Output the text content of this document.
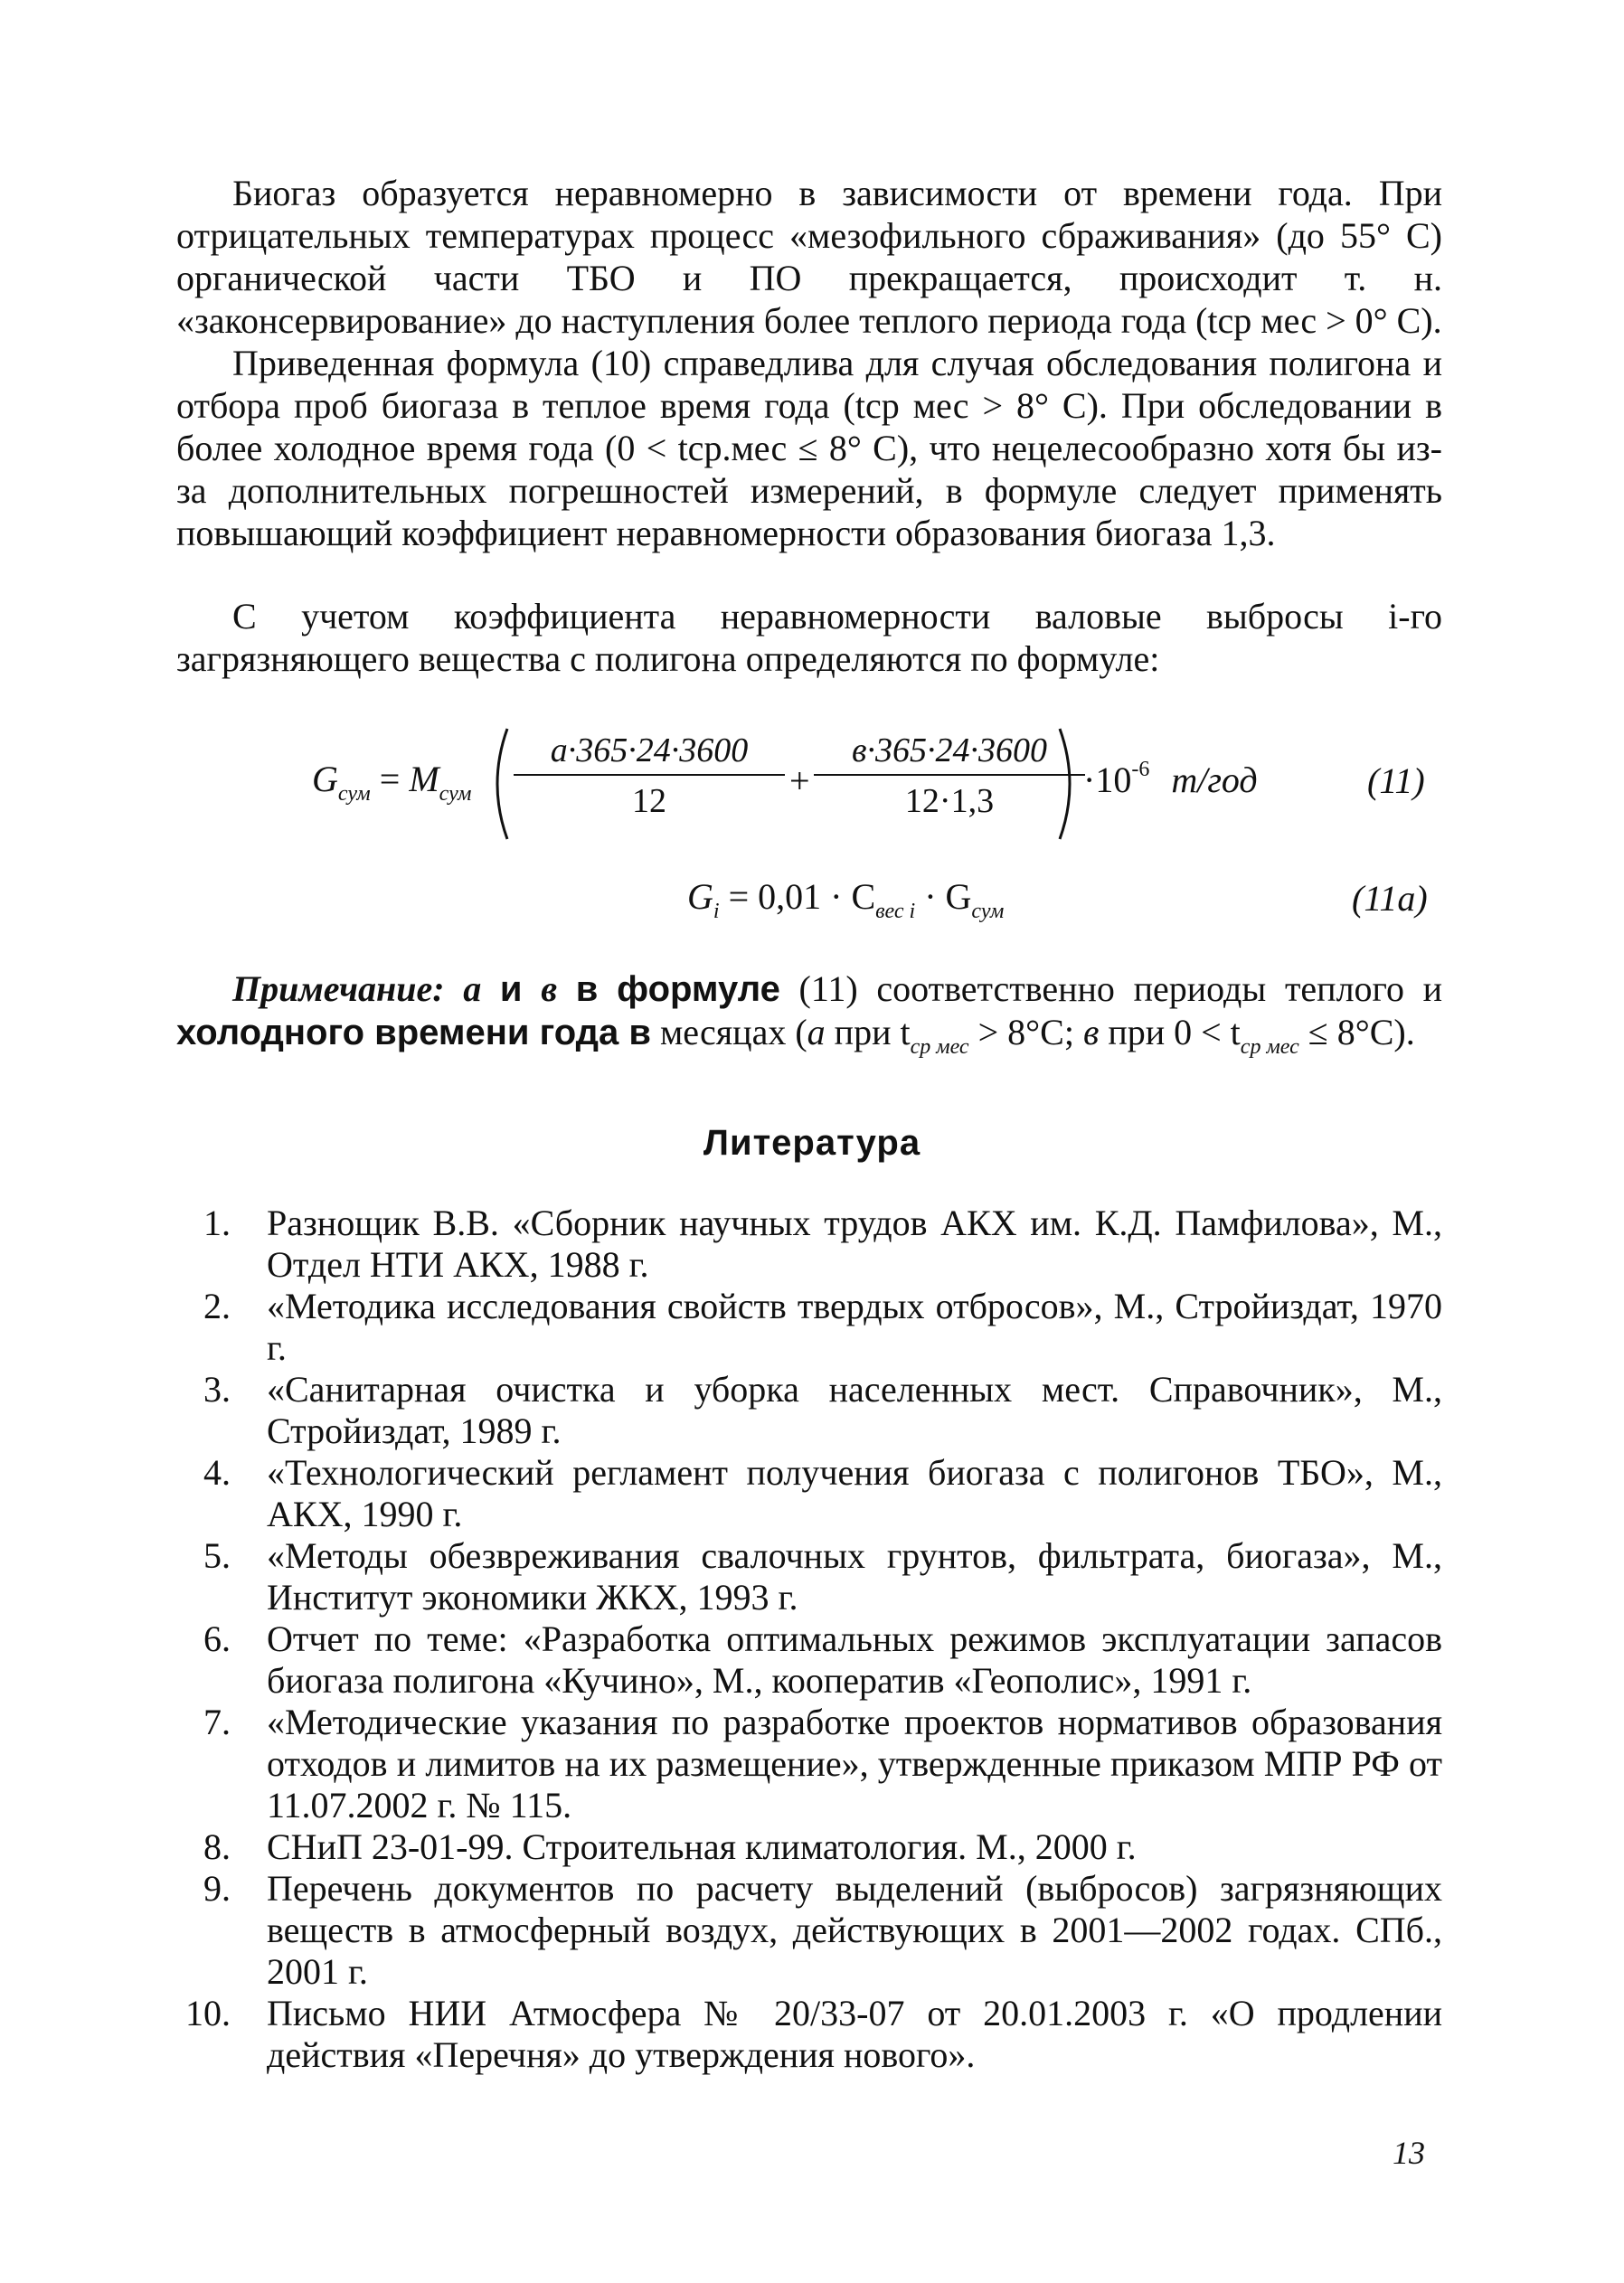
Биогаз образуется неравномерно в зависимости от времени года. При отрицательных температурах процесс «мезофильного сбраживания» (до 55° С) органической части ТБО и ПО прекращается, происходит т. н. «законсервирование» до наступления более теплого периода года (tср мес > 0° С).

Приведенная формула (10) справедлива для случая обследования полигона и отбора проб биогаза в теплое время года (tср мес > 8° С). При обследовании в более холодное время года (0 < tср.мес ≤ 8° С), что нецелесообразно хотя бы из-за дополнительных погрешностей измерений, в формуле следует применять повышающий коэффициент неравномерности образования биогаза 1,3.

С учетом коэффициента неравномерности валовые выбросы i-го загрязняющего вещества с полигона определяются по формуле:

$G_{сум} = M_{сум} \frac{a\cdot 365\cdot 24\cdot 3600}{12}$ +
в·365·24·3600
12·1,3
$\cdot 10^{-6}$ т/год	(11)
$G_i = 0,01 \cdot C_{вес i} \cdot G_{сум}$	(11a)

Примечание: а и в в формуле (11) соответственно периоды теплого и холодного времени года в месяцах (а при $t_{ср мес} > 8^\circ С$; в при $0 < t_{ср мес} \le 8^\circ С$).

Литература
1. Разнощик В.В. «Сборник научных трудов АКХ им. К.Д. Памфилова», М., Отдел НТИ АКХ, 1988 г.
2. «Методика исследования свойств твердых отбросов», М., Стройиздат, 1970 г.
3. «Санитарная очистка и уборка населенных мест. Справочник», М., Стройиздат, 1989 г.
4. «Технологический регламент получения биогаза с полигонов ТБО», М., АКХ, 1990 г.
5. «Методы обезвреживания свалочных грунтов, фильтрата, биогаза», М., Институт экономики ЖКХ, 1993 г.
6. Отчет по теме: «Разработка оптимальных режимов эксплуатации запасов биогаза полигона «Кучино», М., кооператив «Геополис», 1991 г.
7. «Методические указания по разработке проектов нормативов образования отходов и лимитов на их размещение», утвержденные приказом МПР РФ от 11.07.2002 г. № 115.
8. СНиП 23-01-99. Строительная климатология. М., 2000 г.
9. Перечень документов по расчету выделений (выбросов) загрязняющих веществ в атмосферный воздух, действующих в 2001—2002 годах. СПб., 2001 г.
10. Письмо НИИ Атмосфера № 20/33-07 от 20.01.2003 г. «О продлении действия «Перечня» до утверждения нового».
13
